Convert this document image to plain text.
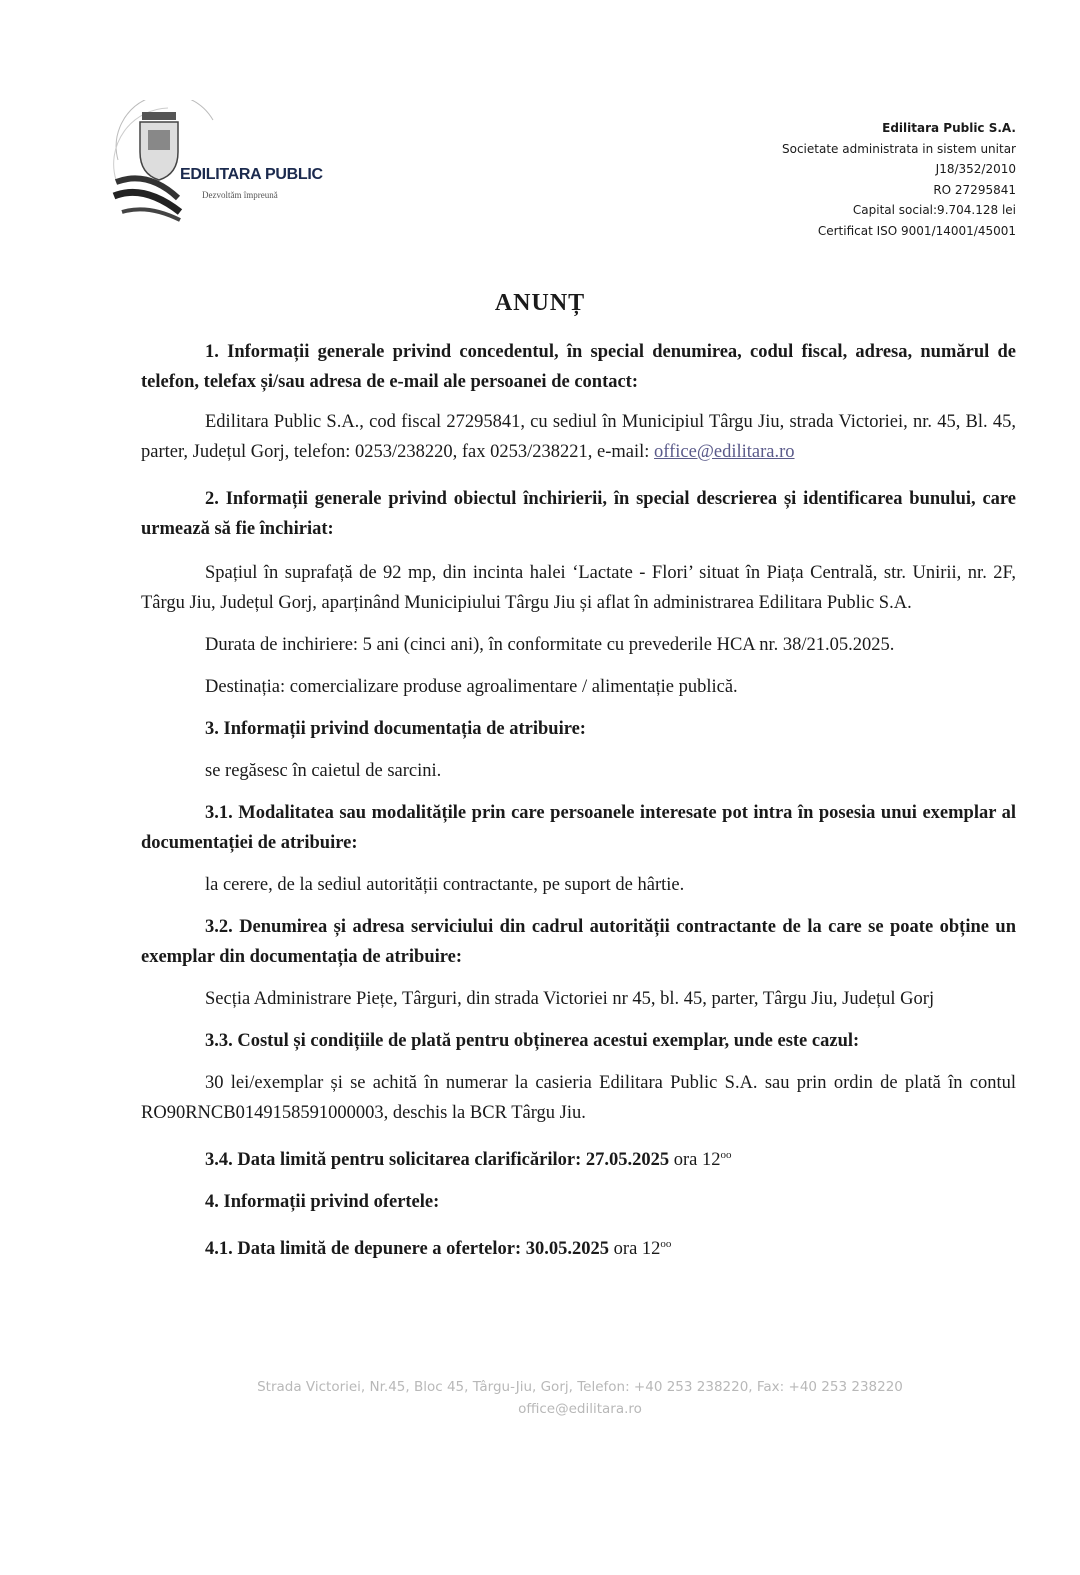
EDILITARA PUBLIC
Dezvoltăm împreună
Edilitara Public S.A.
Societate administrata in sistem unitar
J18/352/2010
RO 27295841
Capital social:9.704.128 lei
Certificat ISO 9001/14001/45001
ANUNȚ

1. Informații generale privind concedentul, în special denumirea, codul fiscal, adresa, numărul de telefon, telefax și/sau adresa de e-mail ale persoanei de contact:

Edilitara Public S.A., cod fiscal 27295841, cu sediul în Municipiul Târgu Jiu, strada Victoriei, nr. 45, Bl. 45, parter, Județul Gorj, telefon: 0253/238220, fax 0253/238221, e-mail: office@edilitara.ro

2. Informații generale privind obiectul închirierii, în special descrierea și identificarea bunului, care urmează să fie închiriat:

Spațiul în suprafață de 92 mp, din incinta halei ‘Lactate - Flori’ situat în Piața Centrală, str. Unirii, nr. 2F, Târgu Jiu, Județul Gorj, aparținând Municipiului Târgu Jiu și aflat în administrarea Edilitara Public S.A.

Durata de inchiriere: 5 ani (cinci ani), în conformitate cu prevederile HCA nr. 38/21.05.2025.

Destinația: comercializare produse agroalimentare / alimentație publică.

3. Informații privind documentația de atribuire:

se regăsesc în caietul de sarcini.

3.1. Modalitatea sau modalitățile prin care persoanele interesate pot intra în posesia unui exemplar al documentației de atribuire:

la cerere, de la sediul autorității contractante, pe suport de hârtie.

3.2. Denumirea și adresa serviciului din cadrul autorității contractante de la care se poate obține un exemplar din documentația de atribuire:

Secția Administrare Piețe, Târguri, din strada Victoriei nr 45, bl. 45, parter, Târgu Jiu, Județul Gorj

3.3. Costul și condițiile de plată pentru obținerea acestui exemplar, unde este cazul:

30 lei/exemplar și se achită în numerar la casieria Edilitara Public S.A. sau prin ordin de plată în contul RO90RNCB0149158591000003, deschis la BCR Târgu Jiu.

3.4. Data limită pentru solicitarea clarificărilor: 27.05.2025 ora $12^{oo}$

4. Informații privind ofertele:

4.1. Data limită de depunere a ofertelor: 30.05.2025 ora $12^{oo}$

Strada Victoriei, Nr.45, Bloc 45, Târgu-Jiu, Gorj, Telefon: +40 253 238220, Fax: +40 253 238220
office@edilitara.ro
